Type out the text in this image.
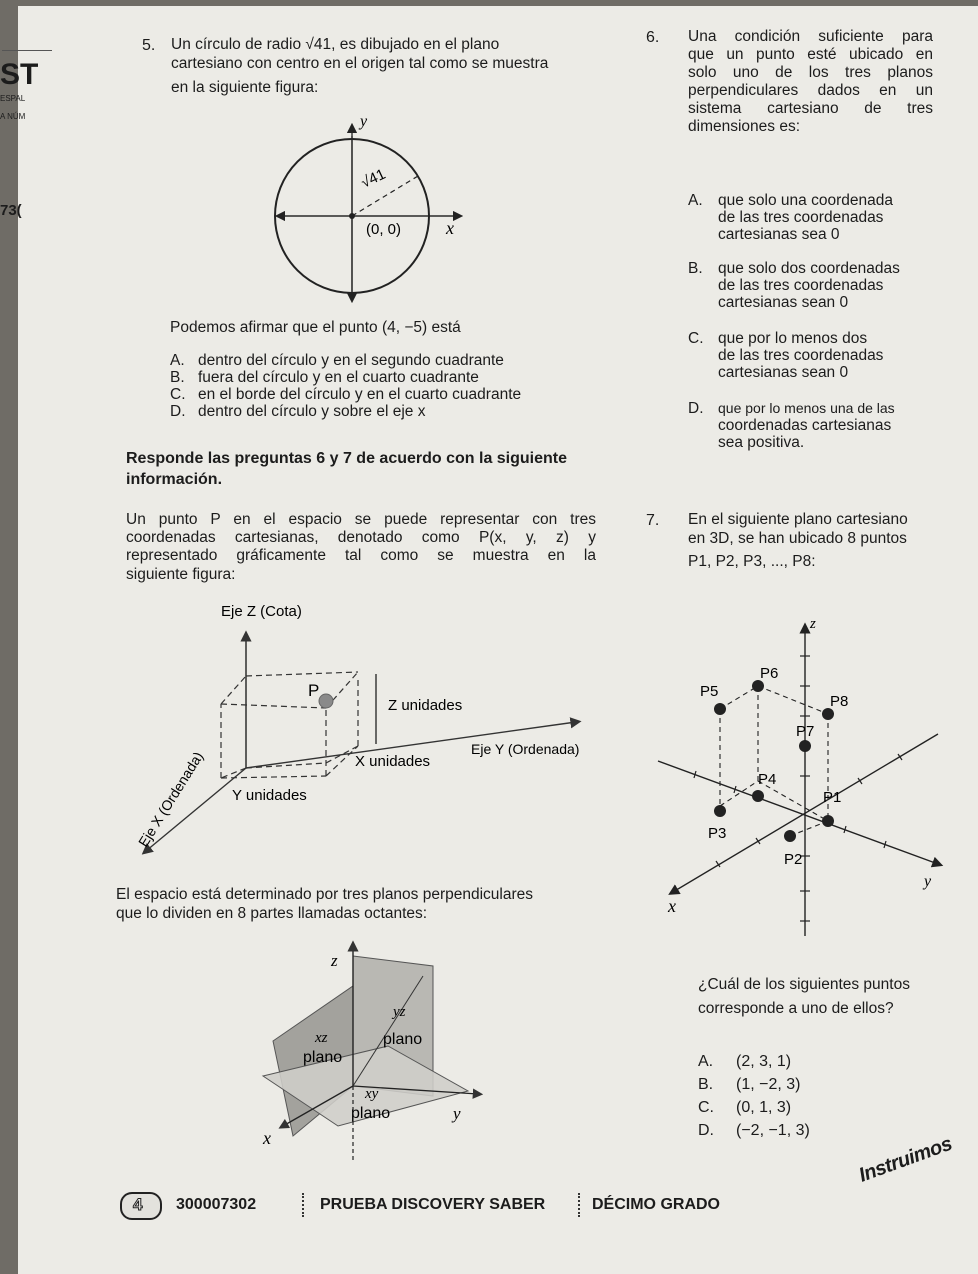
ST
ESPAL
A NÚM
73(
5. Un círculo de radio √41, es dibujado en el plano
cartesiano con centro en el origen tal como se muestra
en la siguiente figura:
y
x
√41
(0, 0)
Podemos afirmar que el punto (4, −5) está
A. dentro del círculo y en el segundo cuadrante
B. fuera del círculo y en el cuarto cuadrante
C. en el borde del círculo y en el cuarto cuadrante
D. dentro del círculo y sobre el eje x
Responde las preguntas 6 y 7 de acuerdo con la siguiente
información.
Un punto P en el espacio se puede representar con tres
coordenadas cartesianas, denotado como P(x, y, z) y
representado gráficamente tal como se muestra en la
siguiente figura:
P
Eje Z (Cota)
Z unidades
X unidades
Y unidades
Eje Y (Ordenada)
Eje X (Ordenada)
El espacio está determinado por tres planos perpendiculares
que lo dividen en 8 partes llamadas octantes:
z
yz
plano
xz
plano
xy
plano	y
x
6. Una condición suficiente para
que un punto esté ubicado en
solo uno de los tres planos
perpendiculares dados en un
sistema cartesiano de tres
dimensiones es:
A. que solo una coordenada
de las tres coordenadas
cartesianas sea 0
B. que solo dos coordenadas
de las tres coordenadas
cartesianas sean 0
C. que por lo menos dos
de las tres coordenadas
cartesianas sean 0
D.	que por lo menos una de las
coordenadas cartesianas
sea positiva.
7. En el siguiente plano cartesiano
en 3D, se han ubicado 8 puntos
P1, P2, P3, ..., P8:
z
y
x
P1
P2
P3
P4
P5
P6
P7
P8
¿Cuál de los siguientes puntos
corresponde a uno de ellos?
A.	(2, 3, 1)
B.	(1, −2, 3)
C.	(0, 1, 3)
D.	(−2, −1, 3)
4 300007302	PRUEBA DISCOVERY SABER	DÉCIMO GRADO
Instruimos
